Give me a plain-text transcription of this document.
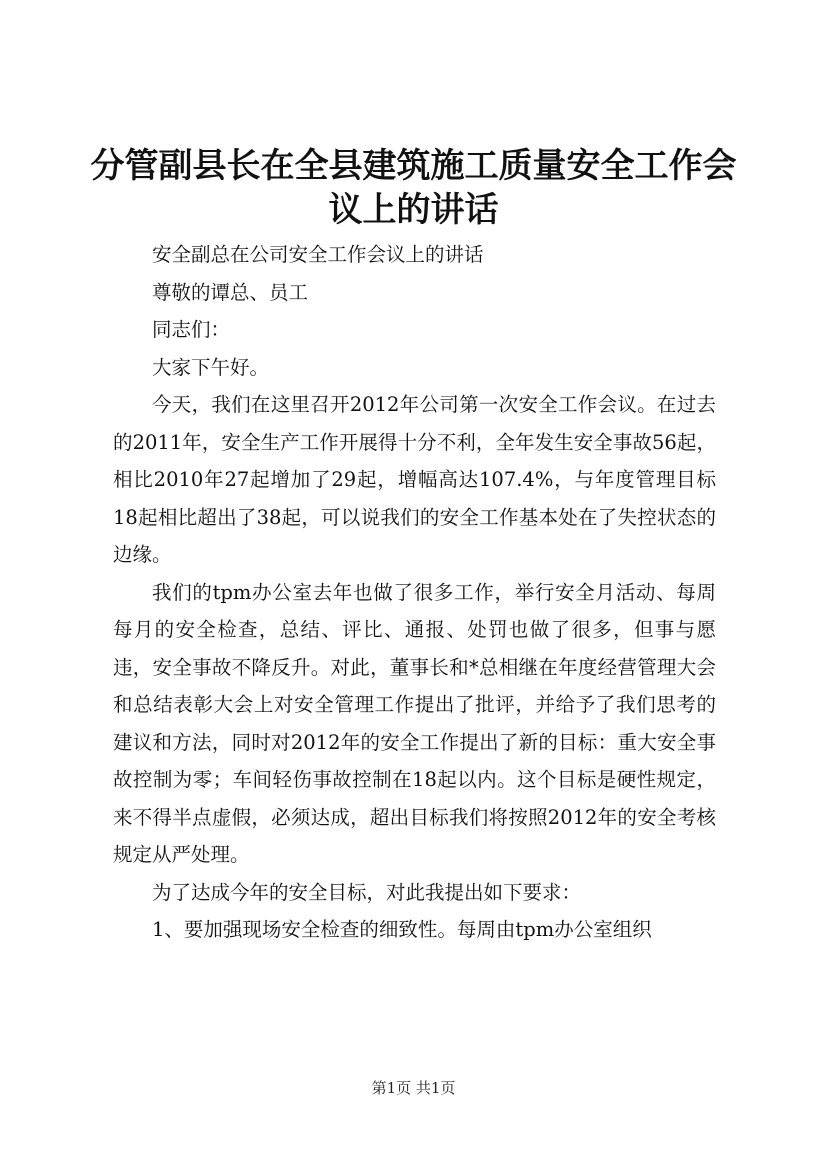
分管副县长在全县建筑施工质量安全工作会议上的讲话

安全副总在公司安全工作会议上的讲话

尊敬的谭总、员工

同志们：

大家下午好。

今天，我们在这里召开2012年公司第一次安全工作会议。在过去的2011年，安全生产工作开展得十分不利，全年发生安全事故56起，相比2010年27起增加了29起，增幅高达107.4%，与年度管理目标18起相比超出了38起，可以说我们的安全工作基本处在了失控状态的边缘。

我们的tpm办公室去年也做了很多工作，举行安全月活动、每周每月的安全检查，总结、评比、通报、处罚也做了很多，但事与愿违，安全事故不降反升。对此，董事长和*总相继在年度经营管理大会和总结表彰大会上对安全管理工作提出了批评，并给予了我们思考的建议和方法，同时对2012年的安全工作提出了新的目标：重大安全事故控制为零；车间轻伤事故控制在18起以内。这个目标是硬性规定，来不得半点虚假，必须达成，超出目标我们将按照2012年的安全考核规定从严处理。

为了达成今年的安全目标，对此我提出如下要求：

1、要加强现场安全检查的细致性。每周由tpm办公室组织

第1页 共1页
